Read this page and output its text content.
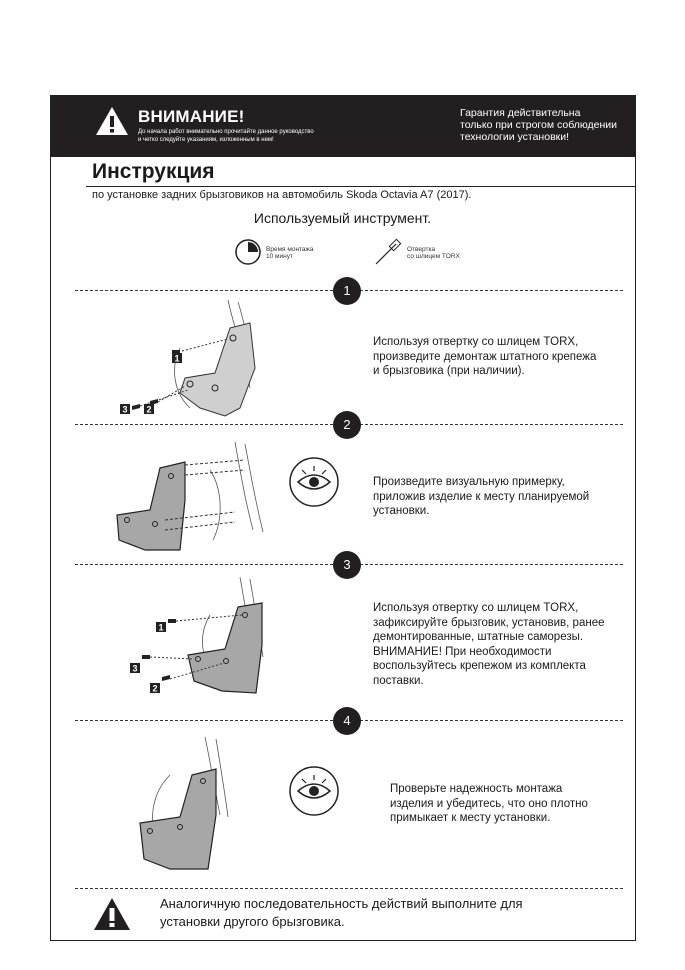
ВНИМАНИЕ!
До начала работ внимательно прочитайте данное руководство
и четко следуйте указаниям, изложенным в нем!
Гарантия действительна
только при строгом соблюдении
технологии установки!
Инструкция
по установке задних брызговиков на автомобиль Skoda Octavia A7 (2017).
Используемый инструмент.
Время монтажа
10 минут
Отвертка
со шлицем TORX
1
1
3 2
Используя отвертку со шлицем TORX,
произведите демонтаж штатного крепежа
и брызговика (при наличии).
2
Произведите визуальную примерку,
приложив изделие к месту планируемой
установки.
3
1
3
2
Используя отвертку со шлицем TORX,
зафиксируйте брызговик, установив, ранее
демонтированные, штатные саморезы.
ВНИМАНИЕ! При необходимости
воспользуйтесь крепежом из комплекта
поставки.
4
Проверьте надежность монтажа
изделия и убедитесь, что оно плотно
примыкает к месту установки.
Аналогичную последовательность действий выполните для
установки другого брызговика.
